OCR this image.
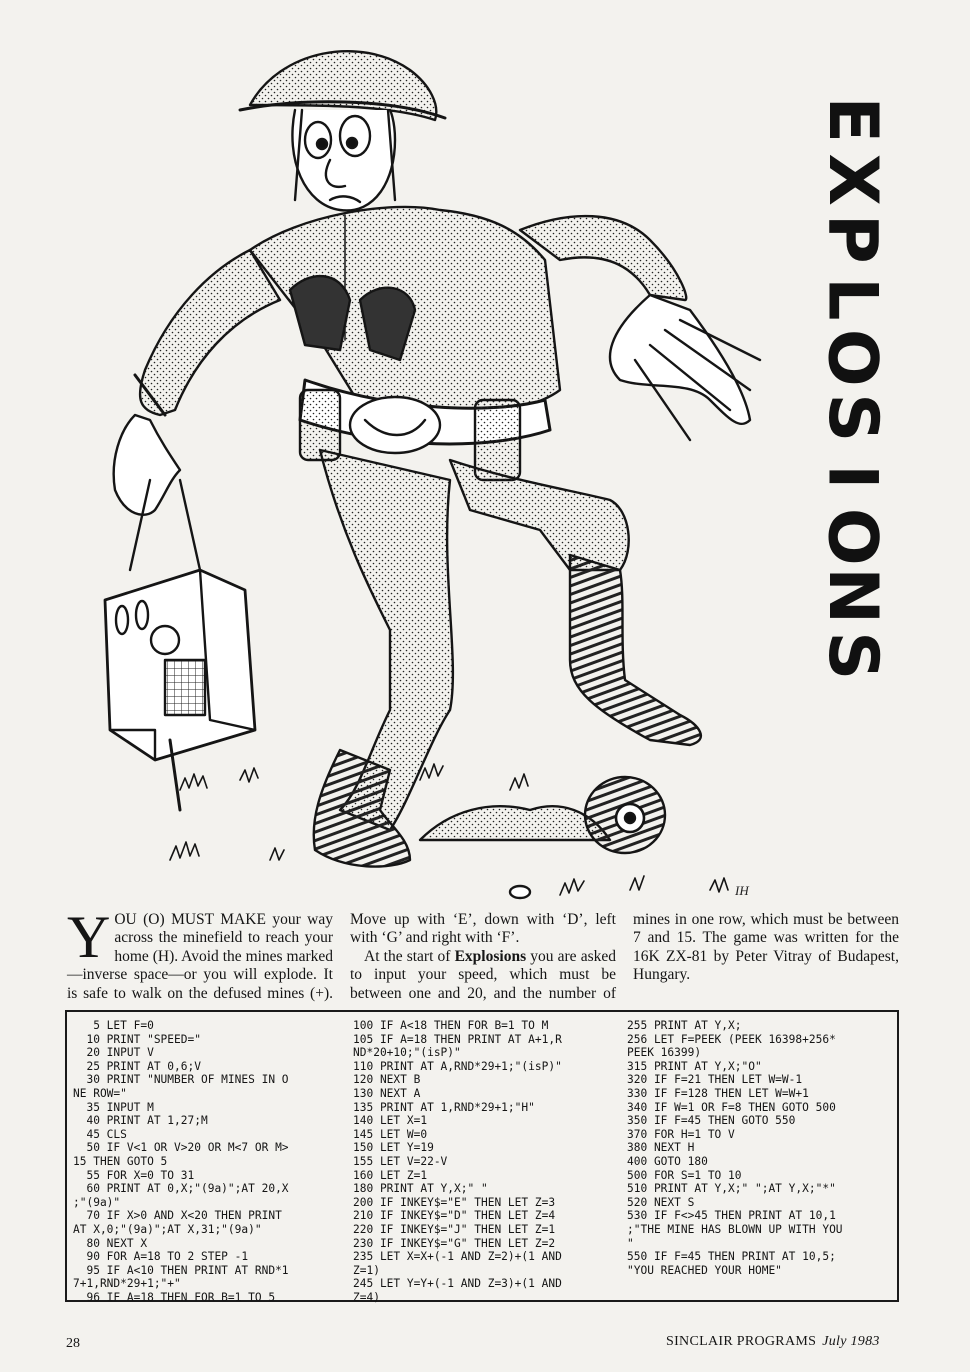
IH
E
X
P
L
O
S
I
O
N
S

YOU (O) MUST MAKE your way across the minefield to reach your home (H). Avoid the mines marked—inverse space—or you will explode. It is safe to walk on the defused mines (+). Move up with ‘E’, down with ‘D’, left with ‘G’ and right with ‘F’.

At the start of Explosions you are asked to input your speed, which must be between one and 20, and the number of mines in one row, which must be between 7 and 15. The game was written for the 16K ZX-81 by Peter Vitray of Budapest, Hungary.

5 LET F=0
10 PRINT "SPEED="
20 INPUT V
25 PRINT AT 0,6;V
30 PRINT "NUMBER OF MINES IN O
NE ROW="
35 INPUT M
40 PRINT AT 1,27;M
45 CLS
50 IF V<1 OR V>20 OR M<7 OR M>
15 THEN GOTO 5
55 FOR X=0 TO 31
60 PRINT AT 0,X;"(9a)";AT 20,X
;"(9a)"
70 IF X>0 AND X<20 THEN PRINT
AT X,0;"(9a)";AT X,31;"(9a)"
80 NEXT X
90 FOR A=18 TO 2 STEP -1
95 IF A<10 THEN PRINT AT RND*1
7+1,RND*29+1;"+"
96 IF A=18 THEN FOR B=1 TO 5
100 IF A<18 THEN FOR B=1 TO M
105 IF A=18 THEN PRINT AT A+1,R
ND*20+10;"(isP)"
110 PRINT AT A,RND*29+1;"(isP)"
120 NEXT B
130 NEXT A
135 PRINT AT 1,RND*29+1;"H"
140 LET X=1
145 LET W=0
150 LET Y=19
155 LET V=22-V
160 LET Z=1
180 PRINT AT Y,X;" "
200 IF INKEY$="E" THEN LET Z=3
210 IF INKEY$="D" THEN LET Z=4
220 IF INKEY$="J" THEN LET Z=1
230 IF INKEY$="G" THEN LET Z=2
235 LET X=X+(-1 AND Z=2)+(1 AND
Z=1)
245 LET Y=Y+(-1 AND Z=3)+(1 AND
Z=4)
255 PRINT AT Y,X;
256 LET F=PEEK (PEEK 16398+256*
PEEK 16399)
315 PRINT AT Y,X;"O"
320 IF F=21 THEN LET W=W-1
330 IF F=128 THEN LET W=W+1
340 IF W=1 OR F=8 THEN GOTO 500
350 IF F=45 THEN GOTO 550
370 FOR H=1 TO V
380 NEXT H
400 GOTO 180
500 FOR S=1 TO 10
510 PRINT AT Y,X;" ";AT Y,X;"*"
520 NEXT S
530 IF F<>45 THEN PRINT AT 10,1
;"THE MINE HAS BLOWN UP WITH YOU
"
550 IF F=45 THEN PRINT AT 10,5;
"YOU REACHED YOUR HOME"
28	SINCLAIR PROGRAMS July 1983
